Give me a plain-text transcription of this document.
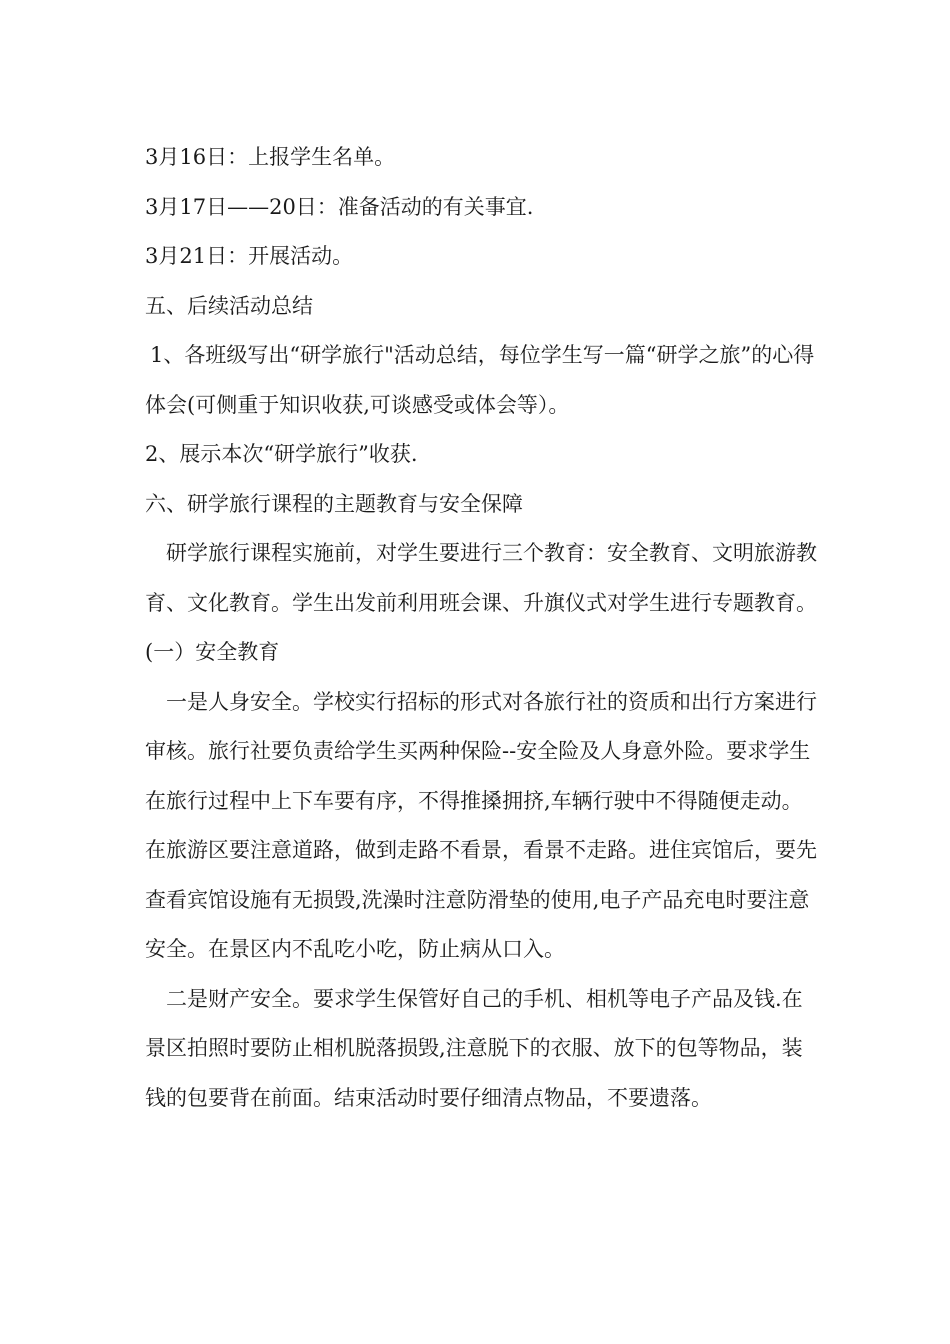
3月16日：上报学生名单。

3月17日——20日：准备活动的有关事宜.

3月21日：开展活动。

五、后续活动总结

1、各班级写出“研学旅行"活动总结，每位学生写一篇“研学之旅”的心得体会(可侧重于知识收获,可谈感受或体会等）。

2、展示本次“研学旅行”收获.

六、研学旅行课程的主题教育与安全保障

研学旅行课程实施前，对学生要进行三个教育：安全教育、文明旅游教育、文化教育。学生出发前利用班会课、升旗仪式对学生进行专题教育。

(一）安全教育

一是人身安全。学校实行招标的形式对各旅行社的资质和出行方案进行审核。旅行社要负责给学生买两种保险--安全险及人身意外险。要求学生在旅行过程中上下车要有序，不得推搡拥挤,车辆行驶中不得随便走动。在旅游区要注意道路，做到走路不看景，看景不走路。进住宾馆后，要先查看宾馆设施有无损毁,洗澡时注意防滑垫的使用,电子产品充电时要注意安全。在景区内不乱吃小吃，防止病从口入。

二是财产安全。要求学生保管好自己的手机、相机等电子产品及钱.在景区拍照时要防止相机脱落损毁,注意脱下的衣服、放下的包等物品，装钱的包要背在前面。结束活动时要仔细清点物品，不要遗落。
